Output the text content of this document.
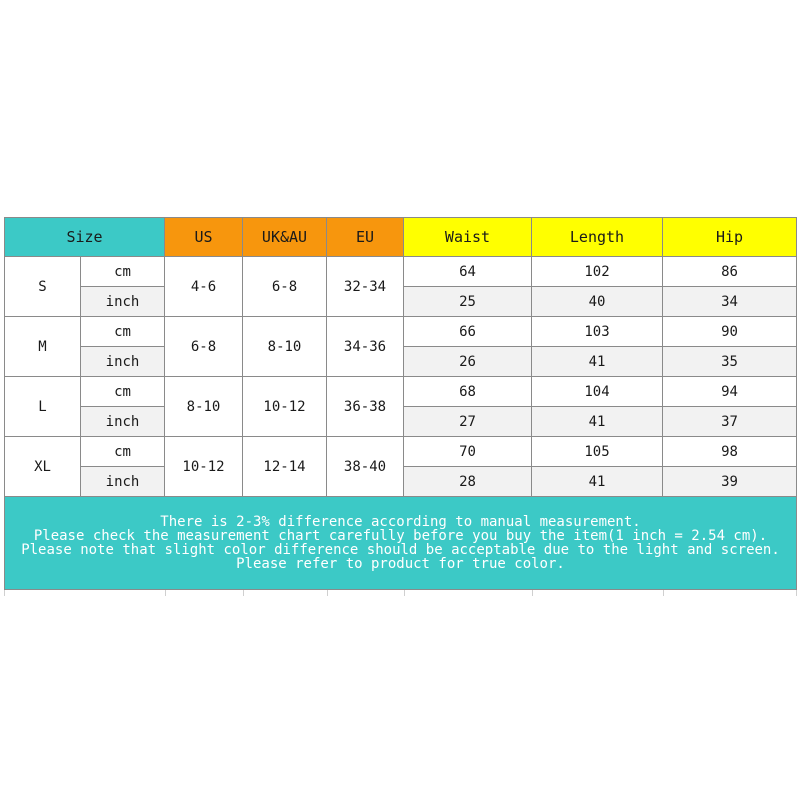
Size		US	UK&AU	EU	Waist	Length	Hip
S	cm	4-6	6-8	32-34	64	102	86
	inch				25	40	34
M	cm	6-8	8-10	34-36	66	103	90
	inch				26	41	35
L	cm	8-10	10-12	36-38	68	104	94
	inch				27	41	37
XL	cm	10-12	12-14	38-40	70	105	98
	inch				28	41	39

There is 2-3% difference according to manual measurement.
Please check the measurement chart carefully before you buy the item(1 inch = 2.54 cm).
Please note that slight color difference should be acceptable due to the light and screen.
Please refer to product for true color.							
